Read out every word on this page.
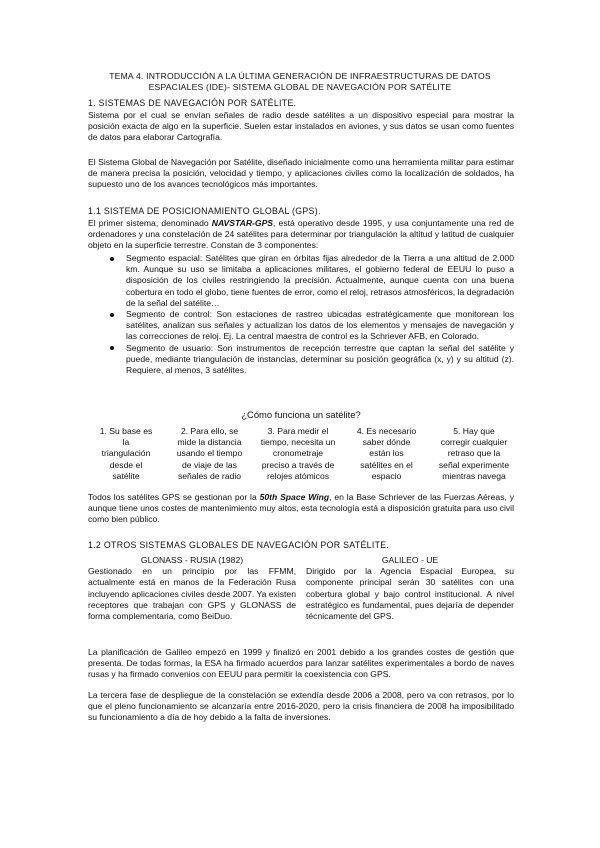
TEMA 4. INTRODUCCIÓN A LA ÚLTIMA GENERACIÓN DE INFRAESTRUCTURAS DE DATOS
ESPACIALES (IDE)- SISTEMA GLOBAL DE NAVEGACIÓN POR SATÉLITE
1. SISTEMAS DE NAVEGACIÓN POR SATÉLITE.
Sistema por el cual se envían señales de radio desde satélites a un dispositivo especial para mostrar la posición exacta de algo en la superficie. Suelen estar instalados en aviones, y sus datos se usan como fuentes de datos para elaborar Cartografía.
El Sistema Global de Navegación por Satélite, diseñado inicialmente como una herramienta militar para estimar de manera precisa la posición, velocidad y tiempo, y aplicaciones civiles como la localización de soldados, ha supuesto uno de los avances tecnológicos más importantes.
1.1 SISTEMA DE POSICIONAMIENTO GLOBAL (GPS).
El primer sistema, denominado NAVSTAR-GPS, está operativo desde 1995, y usa conjuntamente una red de ordenadores y una constelación de 24 satélites para determinar por triangulación la altitud y latitud de cualquier objeto en la superficie terrestre. Constan de 3 componentes:
Segmento espacial: Satélites que giran en órbitas fijas alrededor de la Tierra a una altitud de 2.000 km. Aunque su uso se limitaba a aplicaciones militares, el gobierno federal de EEUU lo puso a disposición de los civiles restringiendo la precisión. Actualmente, aunque cuenta con una buena cobertura en todo el globo, tiene fuentes de error, como el reloj, retrasos atmosféricos, la degradación de la señal del satélite…
Segmento de control: Son estaciones de rastreo ubicadas estratégicamente que monitorean los satélites, analizan sus señales y actualizan los datos de los elementos y mensajes de navegación y las correcciones de reloj. Ej. La central maestra de control es la Schriever AFB, en Colorado.
Segmento de usuario: Son instrumentos de recepción terrestre que captan la señal del satélite y puede, mediante triangulación de instancias, determinar su posición geográfica (x, y) y su altitud (z). Requiere, al menos, 3 satélites.
¿Cómo funciona un satélite?
1. Su base es
la
triangulación
desde el
satélite
2. Para ello, se
mide la distancia
usando el tiempo
de viaje de las
señales de radio
3. Para medir el
tiempo, necesita un
cronometraje
preciso a través de
relojes atómicos
4. Es necesario
saber dónde
están los
satélites en el
espacio
5. Hay que
corregir cualquier
retraso que la
señal experimente
mientras navega
Todos los satélites GPS se gestionan por la 50th Space Wing, en la Base Schriever de las Fuerzas Aéreas, y aunque tiene unos costes de mantenimiento muy altos, esta tecnología está a disposición gratuita para uso civil como bien público.
1.2 OTROS SISTEMAS GLOBALES DE NAVEGACIÓN POR SATÉLITE.
GLONASS - RUSIA (1982)

Gestionado en un principio por las FFMM, actualmente está en manos de la Federación Rusa incluyendo aplicaciones civiles desde 2007. Ya existen receptores que trabajan con GPS y GLONASS de forma complementaria, como BeiDuo.

GALILEO - UE

Dirigido por la Agencia Espacial Europea, su componente principal serán 30 satélites con una cobertura global y bajo control institucional. A nivel estratégico es fundamental, pues dejaría de depender técnicamente del GPS.

La planificación de Galileo empezó en 1999 y finalizó en 2001 debido a los grandes costes de gestión que presenta. De todas formas, la ESA ha firmado acuerdos para lanzar satélites experimentales a bordo de naves rusas y ha firmado convenios con EEUU para permitir la coexistencia con GPS.
La tercera fase de despliegue de la constelación se extendía desde 2006 a 2008, pero va con retrasos, por lo que el pleno funcionamiento se alcanzaría entre 2016-2020, pero la crisis financiera de 2008 ha imposibilitado su funcionamiento a día de hoy debido a la falta de inversiones.
